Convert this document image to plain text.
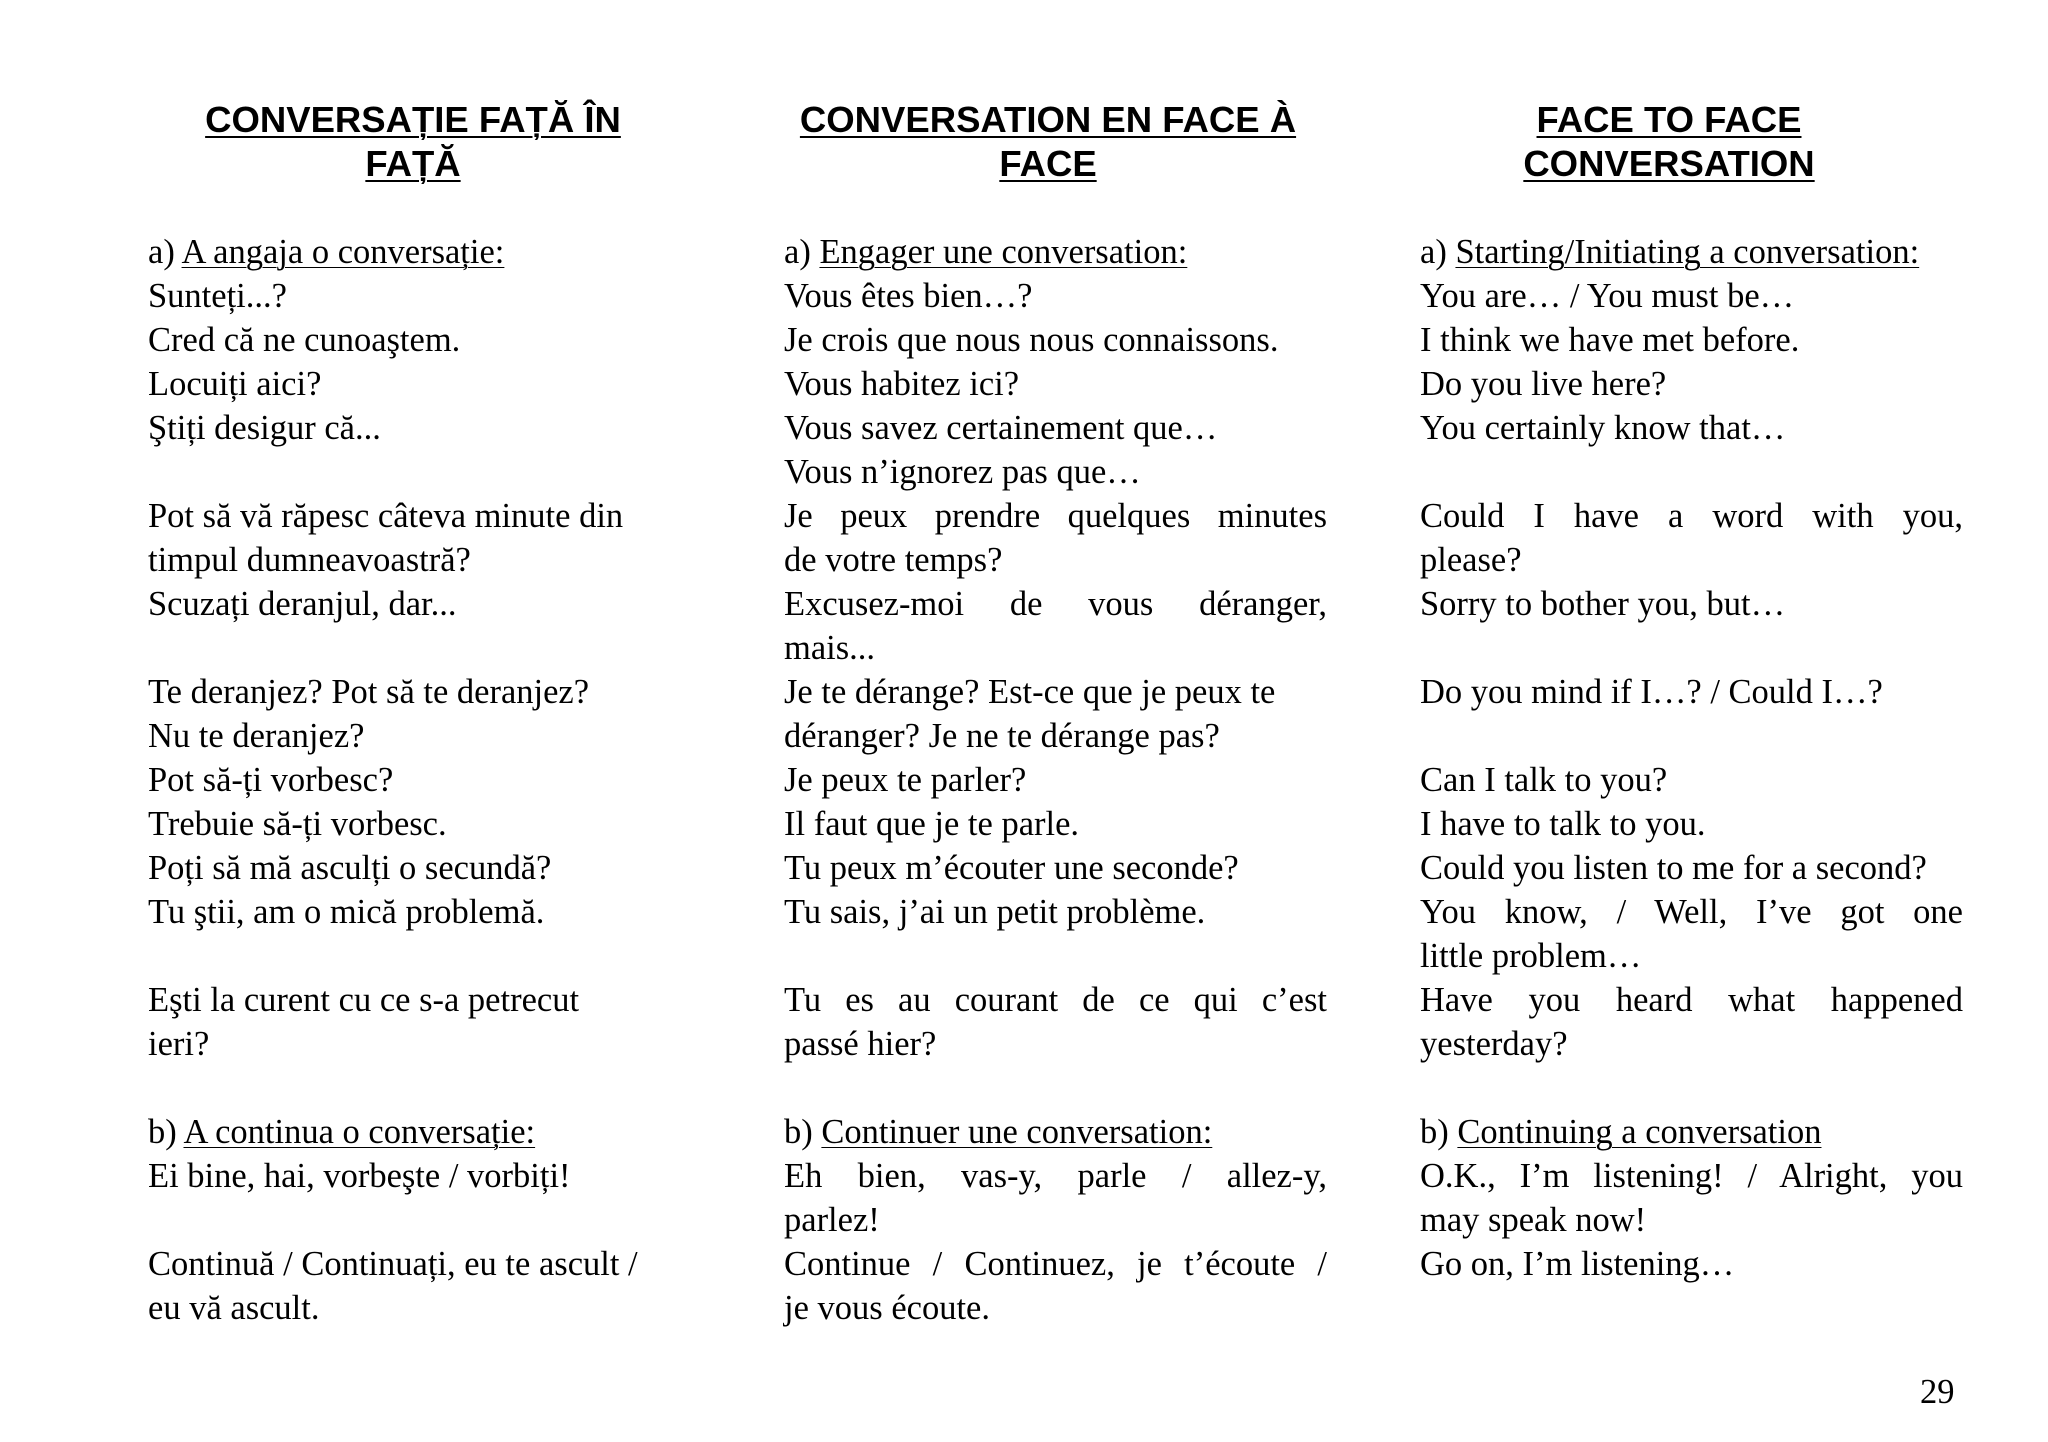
CONVERSAȚIE FAȚĂ ÎN
FAȚĂ
a) A angaja o conversație:
Sunteți...?
Cred că ne cunoaştem.
Locuiți aici?
Ştiți desigur că...
Pot să vă răpesc câteva minute din
timpul dumneavoastră?
Scuzați deranjul, dar...
Te deranjez? Pot să te deranjez?
Nu te deranjez?
Pot să-ți vorbesc?
Trebuie să-ți vorbesc.
Poți să mă asculți o secundă?
Tu ştii, am o mică problemă.
Eşti la curent cu ce s-a petrecut
ieri?
b) A continua o conversație:
Ei bine, hai, vorbeşte / vorbiți!
Continuă / Continuați, eu te ascult /
eu vă ascult.
CONVERSATION EN FACE À
FACE
a) Engager une conversation:
Vous êtes bien…?
Je crois que nous nous connaissons.
Vous habitez ici?
Vous savez certainement que…
Vous n’ignorez pas que…
Je peux prendre quelques minutes
de votre temps?
Excusez-moi de vous déranger,
mais...
Je te dérange? Est-ce que je peux te
déranger? Je ne te dérange pas?
Je peux te parler?
Il faut que je te parle.
Tu peux m’écouter une seconde?
Tu sais, j’ai un petit problème.
Tu es au courant de ce qui c’est
passé hier?
b) Continuer une conversation:
Eh bien, vas-y, parle / allez-y,
parlez!
Continue / Continuez, je t’écoute /
je vous écoute.
FACE TO FACE
CONVERSATION
a) Starting/Initiating a conversation:
You are… / You must be…
I think we have met before.
Do you live here?
You certainly know that…
Could I have a word with you,
please?
Sorry to bother you, but…
Do you mind if I…? / Could I…?
Can I talk to you?
I have to talk to you.
Could you listen to me for a second?
You know, / Well, I’ve got one
little problem…
Have you heard what happened
yesterday?
b) Continuing a conversation
O.K., I’m listening! / Alright, you
may speak now!
Go on, I’m listening…
29
